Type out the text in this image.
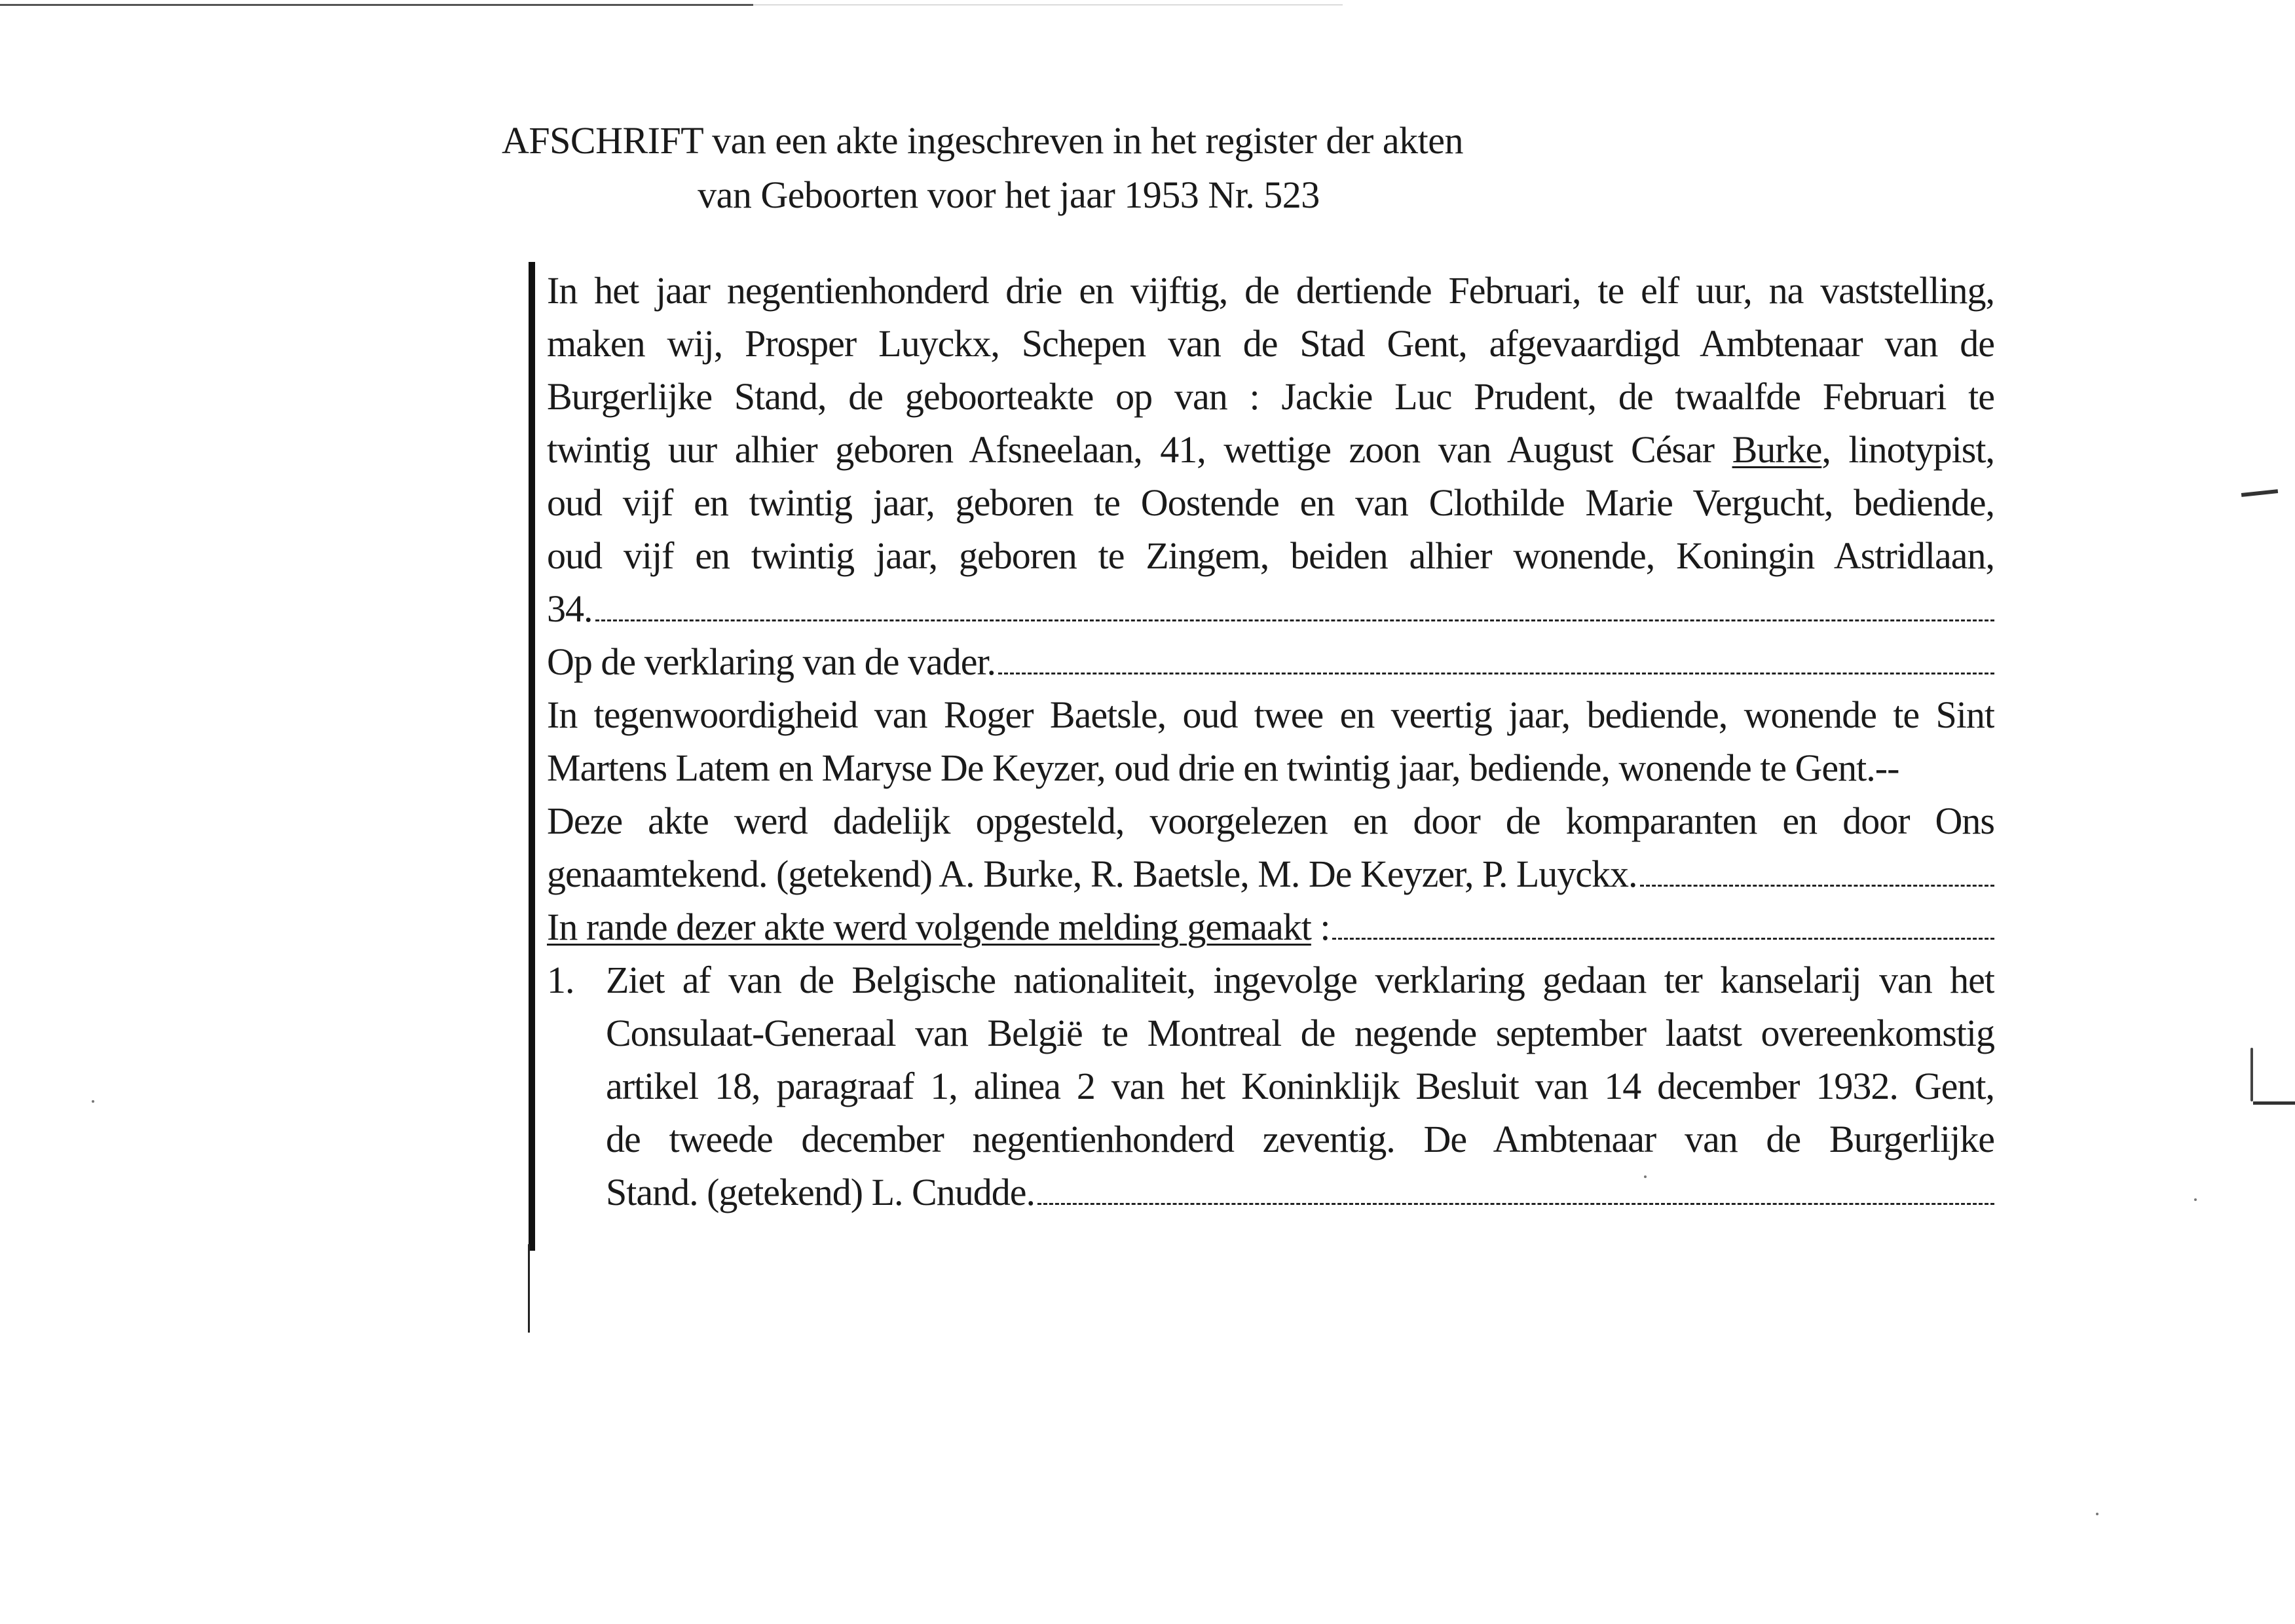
AFSCHRIFT van een akte ingeschreven in het register der akten
van Geboorten voor het jaar 1953 Nr. 523
In het jaar negentienhonderd drie en vijftig, de dertiende Februari, te elf uur, na vaststelling,
maken wij, Prosper Luyckx, Schepen van de Stad Gent, afgevaardigd Ambtenaar van de
Burgerlijke Stand, de geboorteakte op van : Jackie Luc Prudent, de twaalfde Februari te
twintig uur alhier geboren Afsneelaan, 41, wettige zoon van August César Burke, linotypist,
oud vijf en twintig jaar, geboren te Oostende en van Clothilde Marie Vergucht, bediende,
oud vijf en twintig jaar, geboren te Zingem, beiden alhier wonende, Koningin Astridlaan,
34.
Op de verklaring van de vader.
In tegenwoordigheid van Roger Baetsle, oud twee en veertig jaar, bediende, wonende te Sint
Martens Latem en Maryse De Keyzer, oud drie en twintig jaar, bediende, wonende te Gent.--
Deze akte werd dadelijk opgesteld, voorgelezen en door de komparanten en door Ons
genaamtekend. (getekend) A. Burke, R. Baetsle, M. De Keyzer, P. Luyckx.
In rande dezer akte werd volgende melding gemaakt :
1. Ziet af van de Belgische nationaliteit, ingevolge verklaring gedaan ter kanselarij van het
Consulaat-Generaal van België te Montreal de negende september laatst overeenkomstig
artikel 18, paragraaf 1, alinea 2 van het Koninklijk Besluit van 14 december 1932. Gent,
de tweede december negentienhonderd zeventig. De Ambtenaar van de Burgerlijke
Stand. (getekend) L. Cnudde.
